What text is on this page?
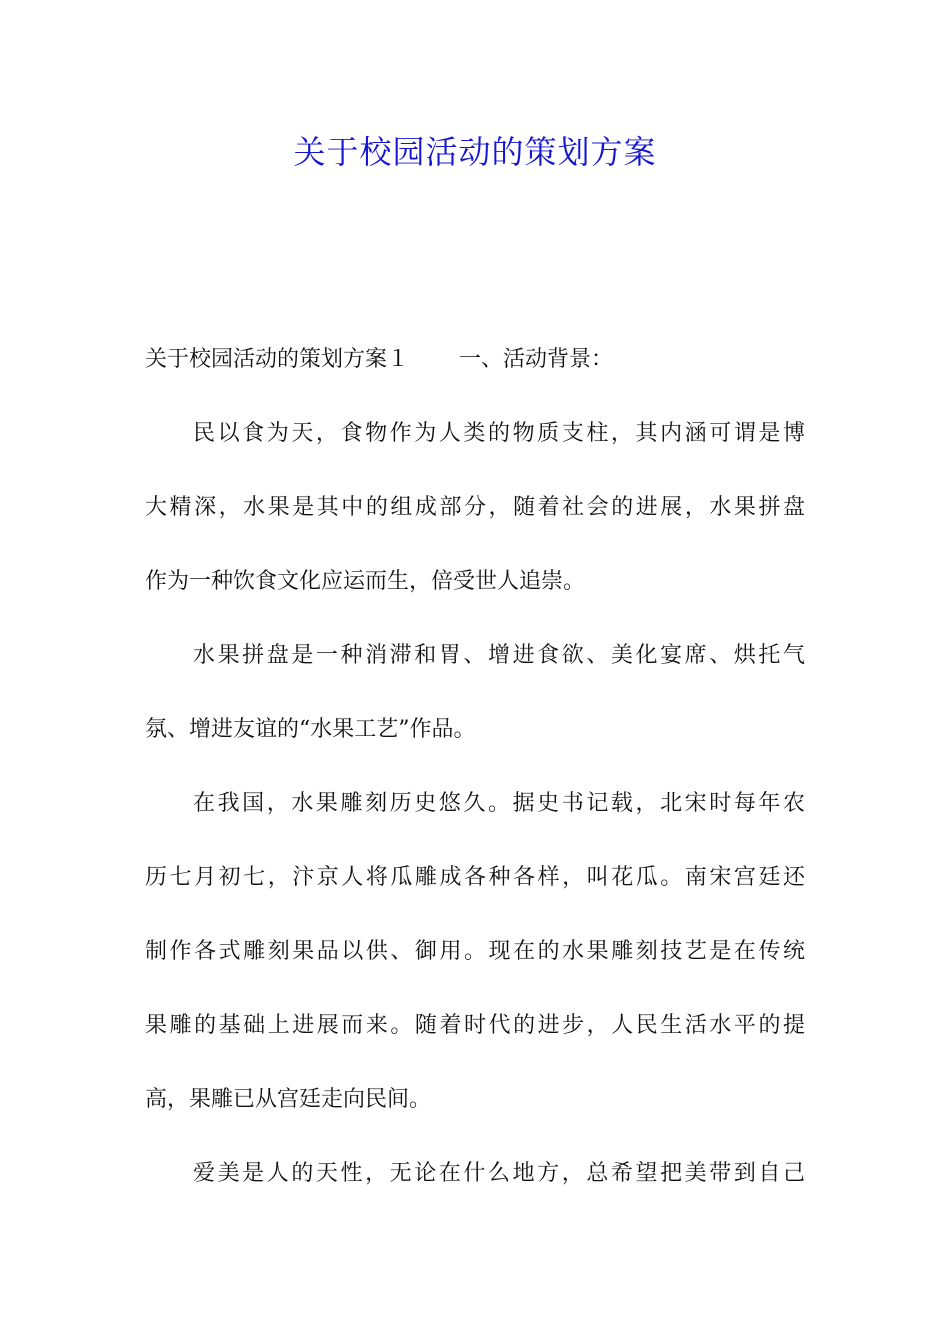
关于校园活动的策划方案
关于校园活动的策划方案１ 一、活动背景：
民以食为天，食物作为人类的物质支柱，其内涵可谓是博
大精深，水果是其中的组成部分，随着社会的进展，水果拼盘
作为一种饮食文化应运而生，倍受世人追崇。
水果拼盘是一种消滞和胃、增进食欲、美化宴席、烘托气
氛、增进友谊的“水果工艺”作品。
在我国，水果雕刻历史悠久。据史书记载，北宋时每年农
历七月初七，汴京人将瓜雕成各种各样，叫花瓜。南宋宫廷还
制作各式雕刻果品以供、御用。现在的水果雕刻技艺是在传统
果雕的基础上进展而来。随着时代的进步，人民生活水平的提
高，果雕已从宫廷走向民间。
爱美是人的天性，无论在什么地方，总希望把美带到自己
